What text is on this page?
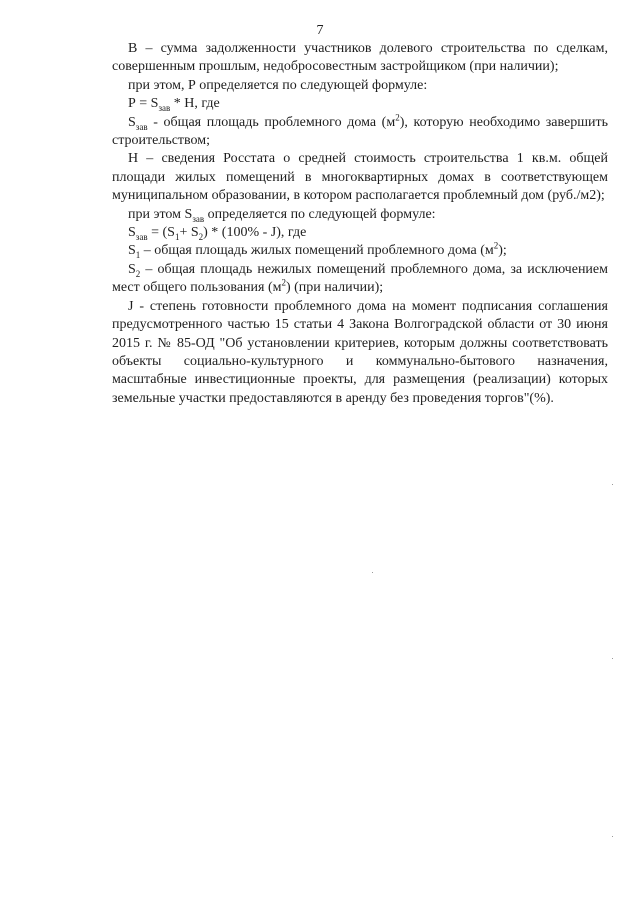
7

В – сумма задолженности участников долевого строительства по сделкам, совершенным прошлым, недобросовестным застройщиком (при наличии);

при этом, Р определяется по следующей формуле:

$Р = S_{зав} * Н$, где

$S_{зав}$ - общая площадь проблемного дома $(м^2)$, которую необходимо завершить строительством;

Н – сведения Росстата о средней стоимость строительства 1 кв.м. общей площади жилых помещений в многоквартирных домах в соответствующем муниципальном образовании, в котором располагается проблемный дом (руб./м2);

при этом $S_{зав}$ определяется по следующей формуле:

$S_{зав} = (S_1+ S_2) * (100\% - J)$, где

$S_1$ – общая площадь жилых помещений проблемного дома $(м^2)$;

$S_2$ – общая площадь нежилых помещений проблемного дома, за исключением мест общего пользования $(м^2)$ (при наличии);

J - степень готовности проблемного дома на момент подписания соглашения предусмотренного частью 15 статьи 4 Закона Волгоградской области от 30 июня 2015 г. № 85-ОД "Об установлении критериев, которым должны соответствовать объекты социально-культурного и коммунально-бытового назначения, масштабные инвестиционные проекты, для размещения (реализации) которых земельные участки предоставляются в аренду без проведения торгов"(%).
